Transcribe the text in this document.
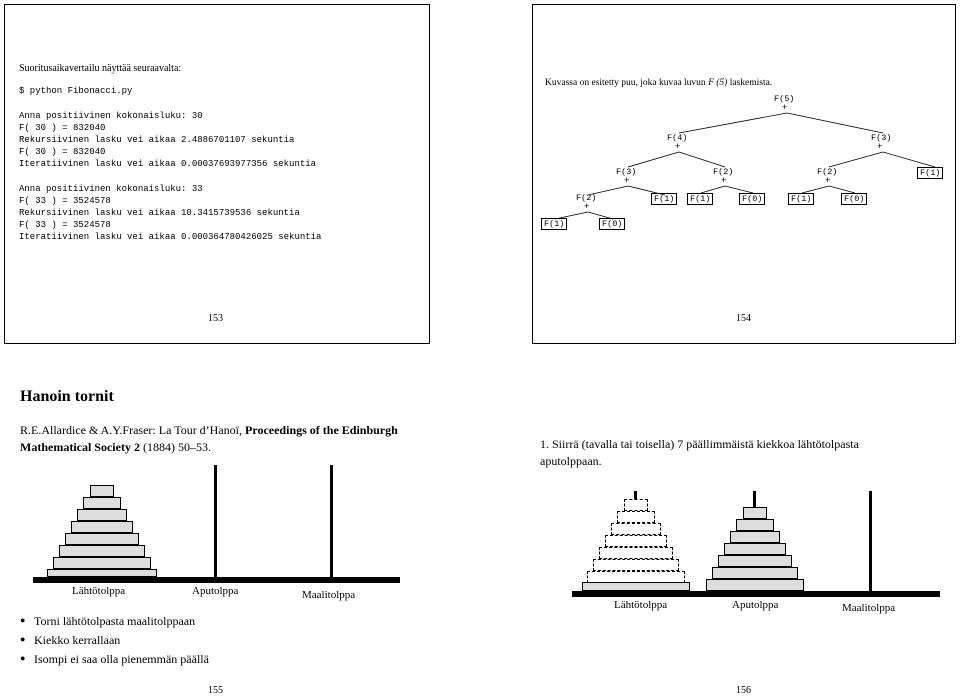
Suoritusaikavertailu näyttää seuraavalta:
$ python Fibonacci.py
Anna positiivinen kokonaisluku: 30
F( 30 ) = 832040
Rekursiivinen lasku vei aikaa 2.4886701107 sekuntia
F( 30 ) = 832040
Iteratiivinen lasku vei aikaa 0.00037693977356 sekuntia
Anna positiivinen kokonaisluku: 33
F( 33 ) = 3524578
Rekursiivinen lasku vei aikaa 10.3415739536 sekuntia
F( 33 ) = 3524578
Iteratiivinen lasku vei aikaa 0.000364780426025 sekuntia
153
Kuvassa on esitetty puu, joka kuvaa luvun F (5) laskemista.
F(5)
+
F(4)
+
F(3)
+
F(3)
+
F(2)
+
F(2)
+
F(1)
F(2)
+
F(1)	F(1)	F(0)	F(1)	F(0)
F(1)	F(0)
154
Hanoin tornit
R.E.Allardice & A.Y.Fraser: La Tour d’Hanoï, Proceedings of the Edinburgh Mathematical Society 2 (1884) 50–53.
Lähtötolppa	Aputolppa	Maalitolppa
● Torni lähtötolpasta maalitolppaan
● Kiekko kerrallaan
● Isompi ei saa olla pienemmän päällä
155
1. Siirrä (tavalla tai toisella) 7 päällimmäistä kiekkoa lähtötolpasta aputolppaan.
Lähtötolppa	Aputolppa	Maalitolppa
156
